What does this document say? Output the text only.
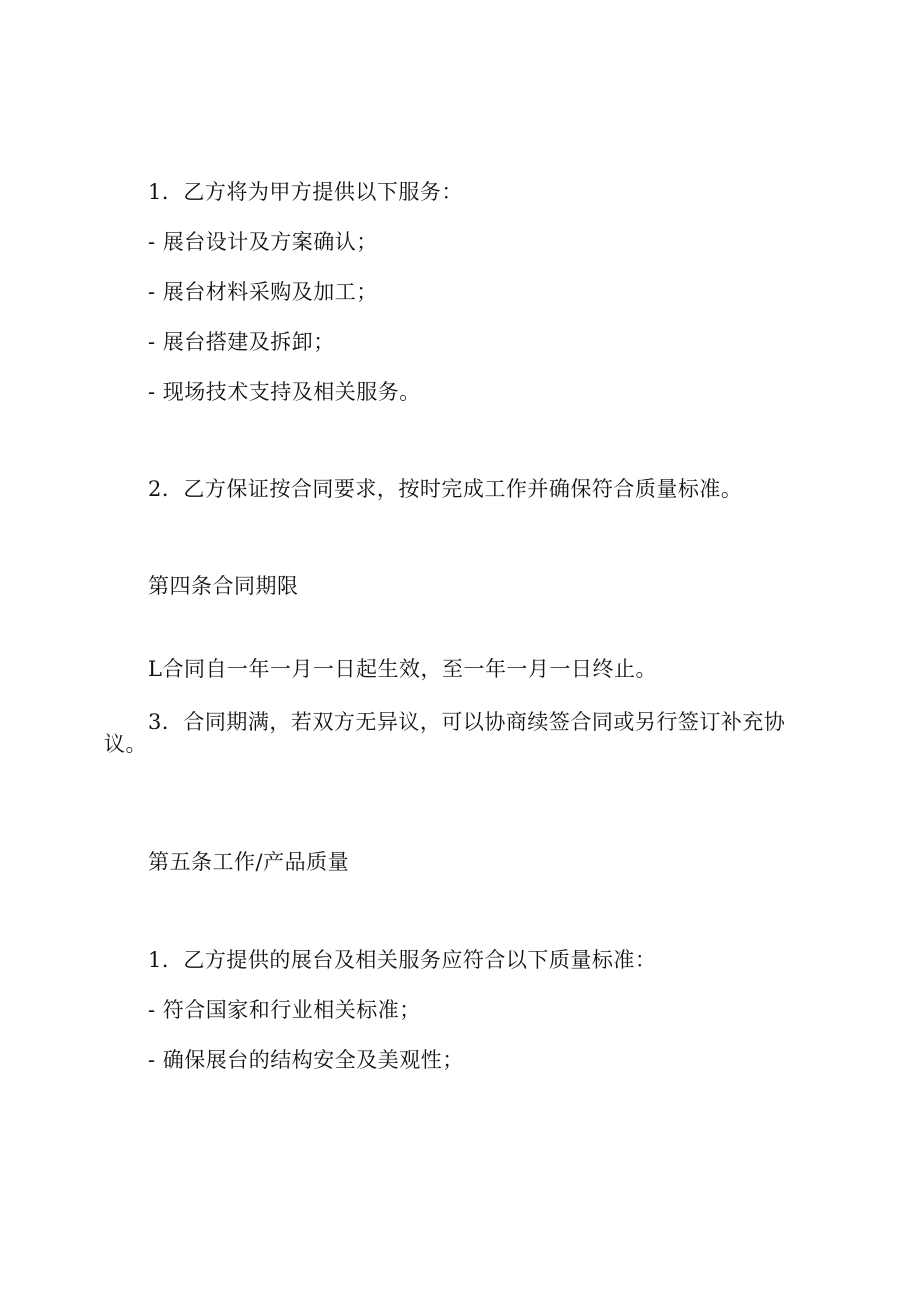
1．乙方将为甲方提供以下服务：
- 展台设计及方案确认；
- 展台材料采购及加工；
- 展台搭建及拆卸；
- 现场技术支持及相关服务。
2．乙方保证按合同要求，按时完成工作并确保符合质量标准。
第四条合同期限
L合同自一年一月一日起生效，至一年一月一日终止。
3．合同期满，若双方无异议，可以协商续签合同或另行签订补充协
议。
第五条工作/产品质量
1．乙方提供的展台及相关服务应符合以下质量标准：
- 符合国家和行业相关标准；
- 确保展台的结构安全及美观性；
